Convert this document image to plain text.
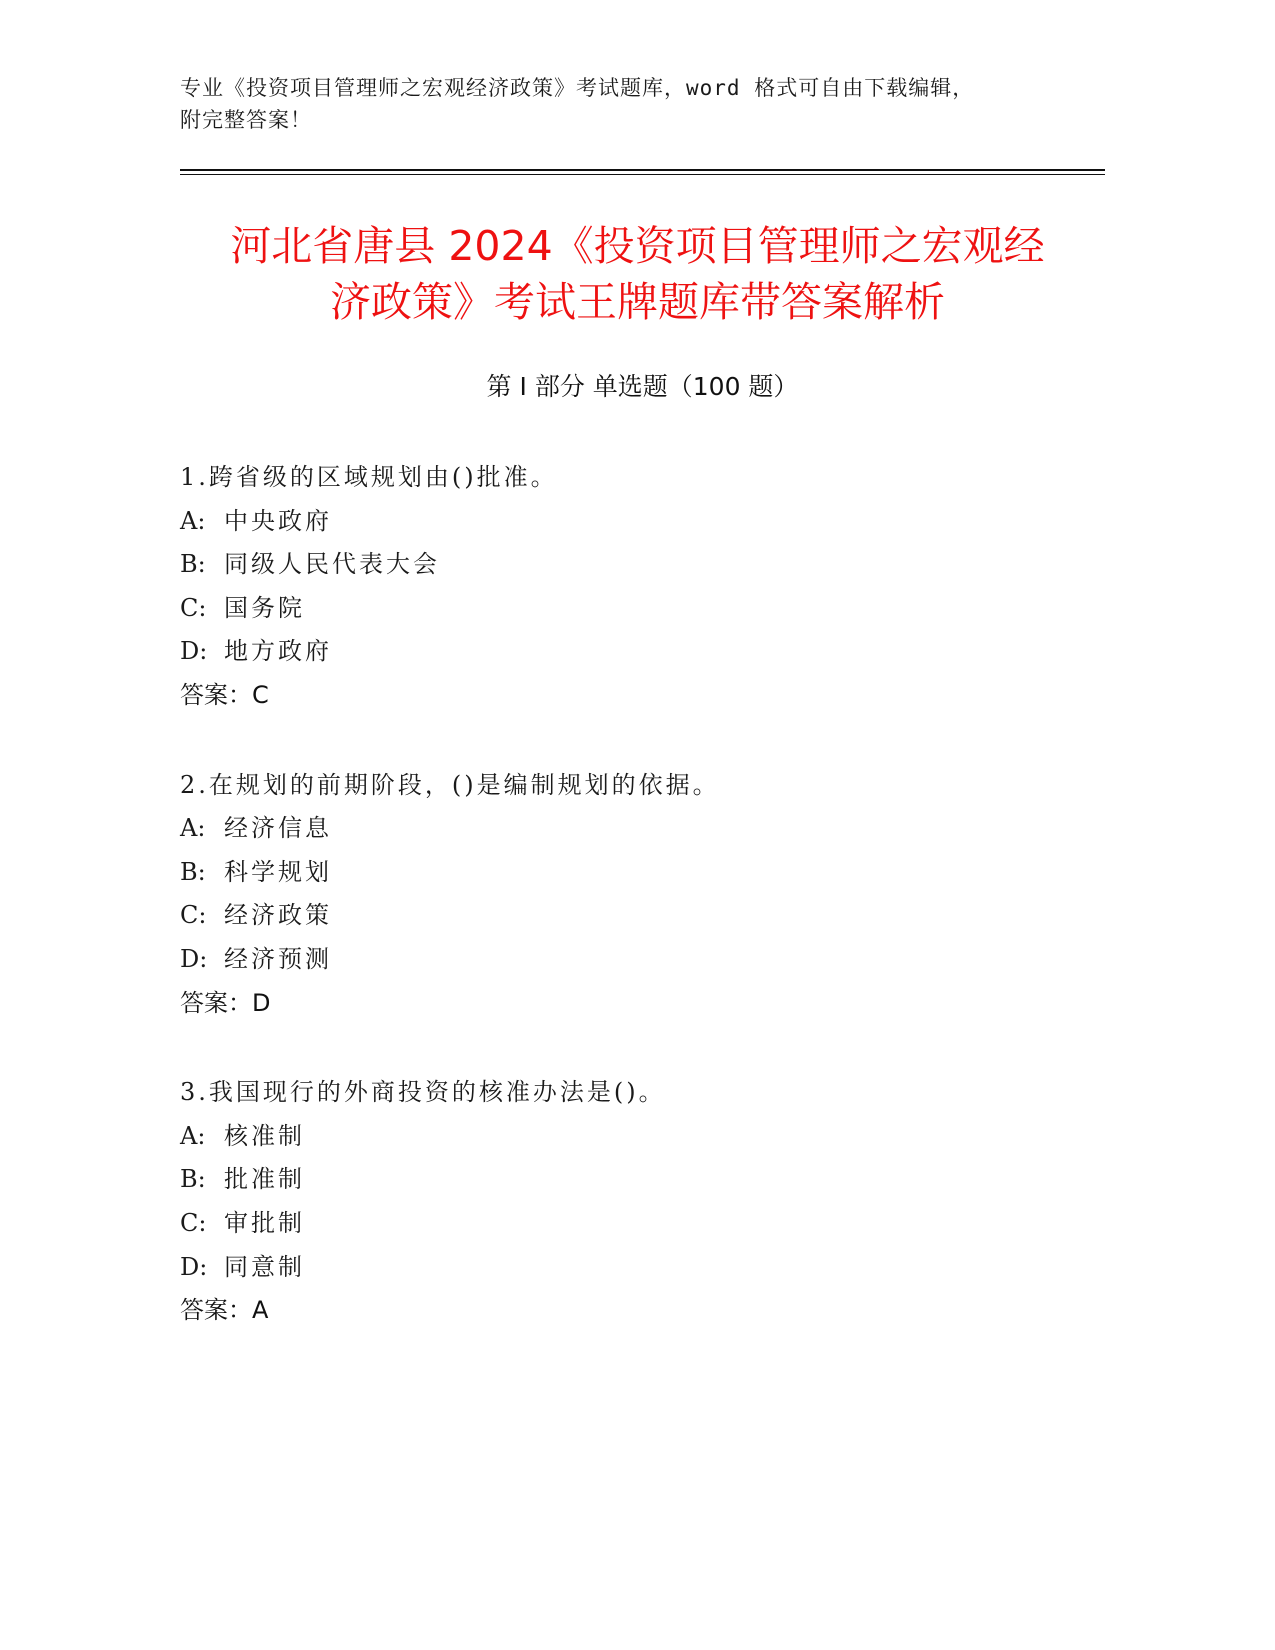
专业《投资项目管理师之宏观经济政策》考试题库，word 格式可自由下载编辑，
附完整答案！
河北省唐县 2024《投资项目管理师之宏观经
济政策》考试王牌题库带答案解析
第 I 部分 单选题（100 题）
1.跨省级的区域规划由()批准。
A: 中央政府
B: 同级人民代表大会
C: 国务院
D: 地方政府
答案：C
2.在规划的前期阶段，()是编制规划的依据。
A: 经济信息
B: 科学规划
C: 经济政策
D: 经济预测
答案：D
3.我国现行的外商投资的核准办法是()。
A: 核准制
B: 批准制
C: 审批制
D: 同意制
答案：A
